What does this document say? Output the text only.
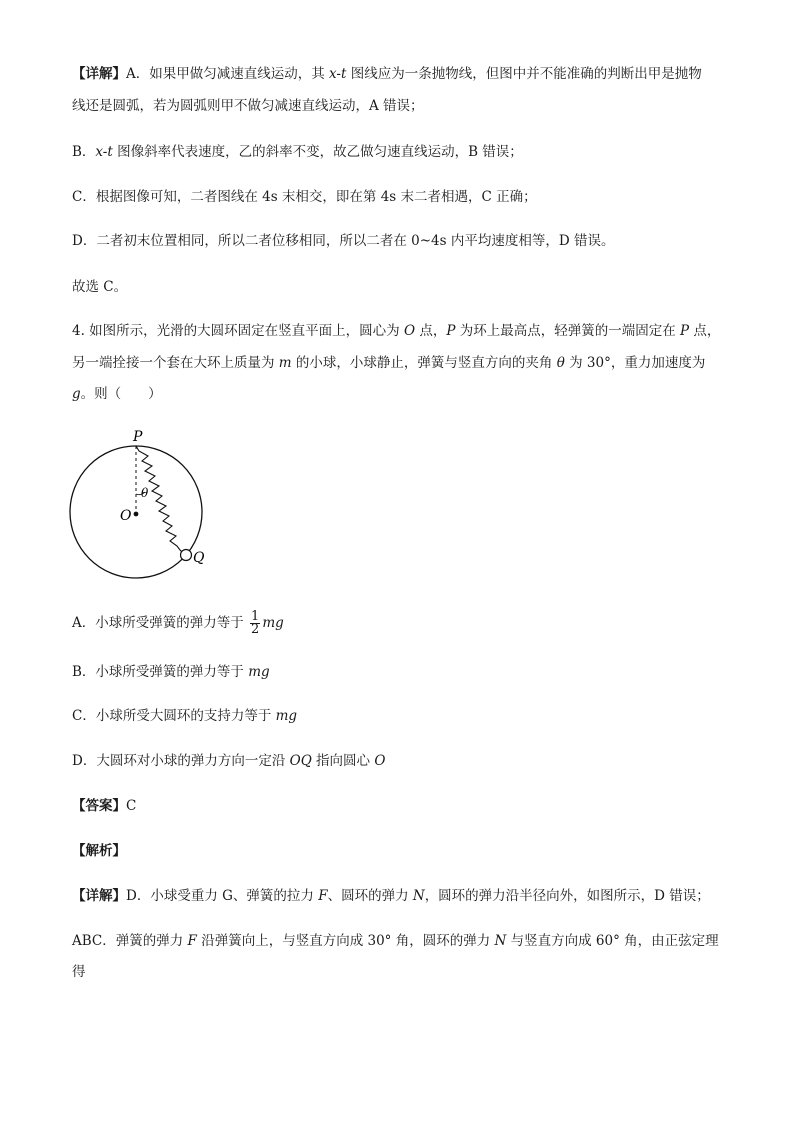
【详解】A．如果甲做匀减速直线运动，其 x-t 图线应为一条抛物线，但图中并不能准确的判断出甲是抛物
线还是圆弧，若为圆弧则甲不做匀减速直线运动，A 错误；
B．x-t 图像斜率代表速度，乙的斜率不变，故乙做匀速直线运动，B 错误；
C．根据图像可知，二者图线在 4s 末相交，即在第 4s 末二者相遇，C 正确；
D．二者初末位置相同，所以二者位移相同，所以二者在 0~4s 内平均速度相等，D 错误。
故选 C。
4. 如图所示，光滑的大圆环固定在竖直平面上，圆心为 O 点，P 为环上最高点，轻弹簧的一端固定在 P 点，
另一端拴接一个套在大环上质量为 m 的小球，小球静止，弹簧与竖直方向的夹角 θ 为 30°，重力加速度为
g。则（　　）
P
θ
O
Q
A．小球所受弹簧的弹力等于 $\frac{1}{2}$ mg
B．小球所受弹簧的弹力等于 mg
C．小球所受大圆环的支持力等于 mg
D．大圆环对小球的弹力方向一定沿 OQ 指向圆心 O
【答案】C
【解析】
【详解】D．小球受重力 G、弹簧的拉力 F、圆环的弹力 N，圆环的弹力沿半径向外，如图所示，D 错误；
ABC．弹簧的弹力 F 沿弹簧向上，与竖直方向成 30° 角，圆环的弹力 N 与竖直方向成 60° 角，由正弦定理
得
